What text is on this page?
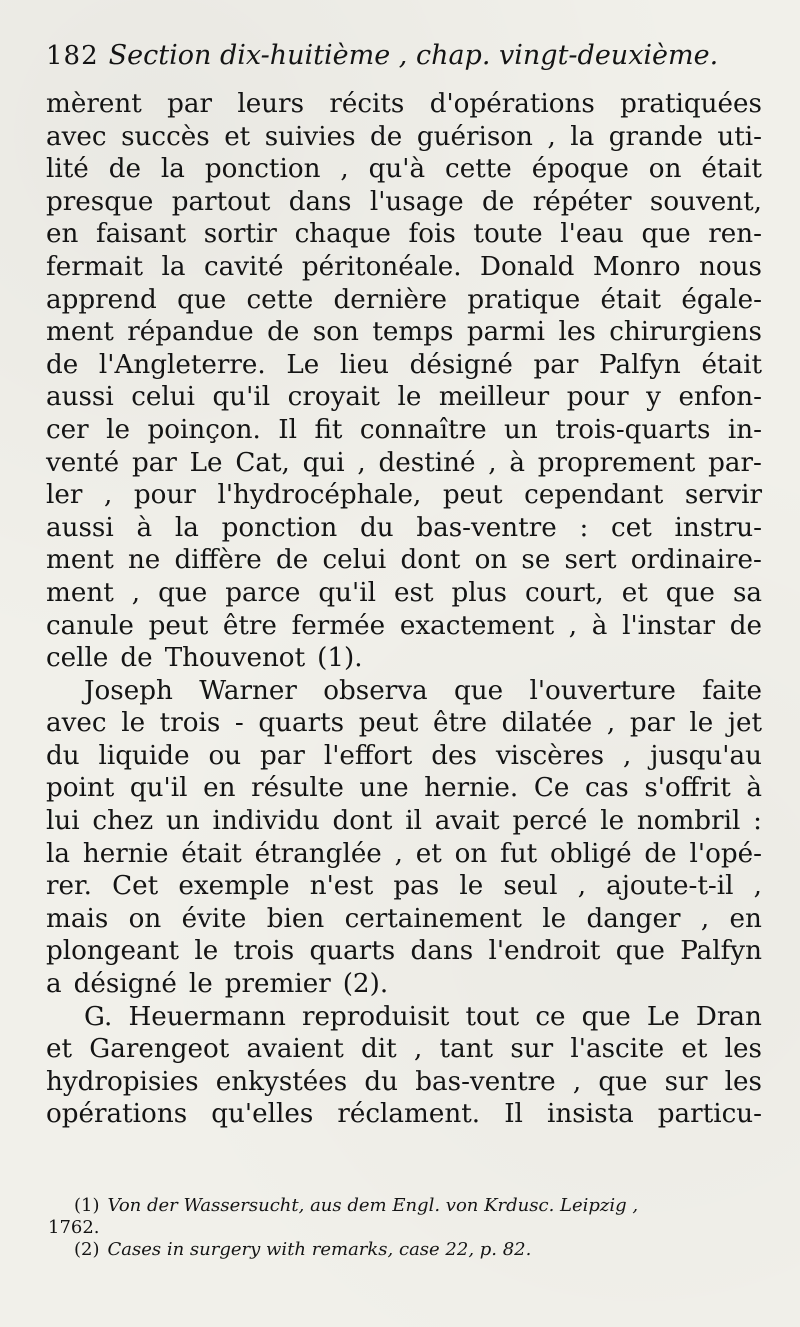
182 Section dix-huitième , chap. vingt-deuxième.
mèrent par leurs récits d'opérations pratiquées
avec succès et suivies de guérison , la grande uti-
lité de la ponction , qu'à cette époque on était
presque partout dans l'usage de répéter souvent,
en faisant sortir chaque fois toute l'eau que ren-
fermait la cavité péritonéale. Donald Monro nous
apprend que cette dernière pratique était égale-
ment répandue de son temps parmi les chirurgiens
de l'Angleterre. Le lieu désigné par Palfyn était
aussi celui qu'il croyait le meilleur pour y enfon-
cer le poinçon. Il fit connaître un trois-quarts in-
venté par Le Cat, qui , destiné , à proprement par-
ler , pour l'hydrocéphale, peut cependant servir
aussi à la ponction du bas-ventre : cet instru-
ment ne diffère de celui dont on se sert ordinaire-
ment , que parce qu'il est plus court, et que sa
canule peut être fermée exactement , à l'instar de
celle de Thouvenot (1).
Joseph Warner observa que l'ouverture faite
avec le trois - quarts peut être dilatée , par le jet
du liquide ou par l'effort des viscères , jusqu'au
point qu'il en résulte une hernie. Ce cas s'offrit à
lui chez un individu dont il avait percé le nombril :
la hernie était étranglée , et on fut obligé de l'opé-
rer. Cet exemple n'est pas le seul , ajoute-t-il ,
mais on évite bien certainement le danger , en
plongeant le trois quarts dans l'endroit que Palfyn
a désigné le premier (2).
G. Heuermann reproduisit tout ce que Le Dran
et Garengeot avaient dit , tant sur l'ascite et les
hydropisies enkystées du bas-ventre , que sur les
opérations qu'elles réclament. Il insista particu-
(1) Von der Wassersucht, aus dem Engl. von Krdusc. Leipzig ,
1762.
(2) Cases in surgery with remarks, case 22, p. 82.
